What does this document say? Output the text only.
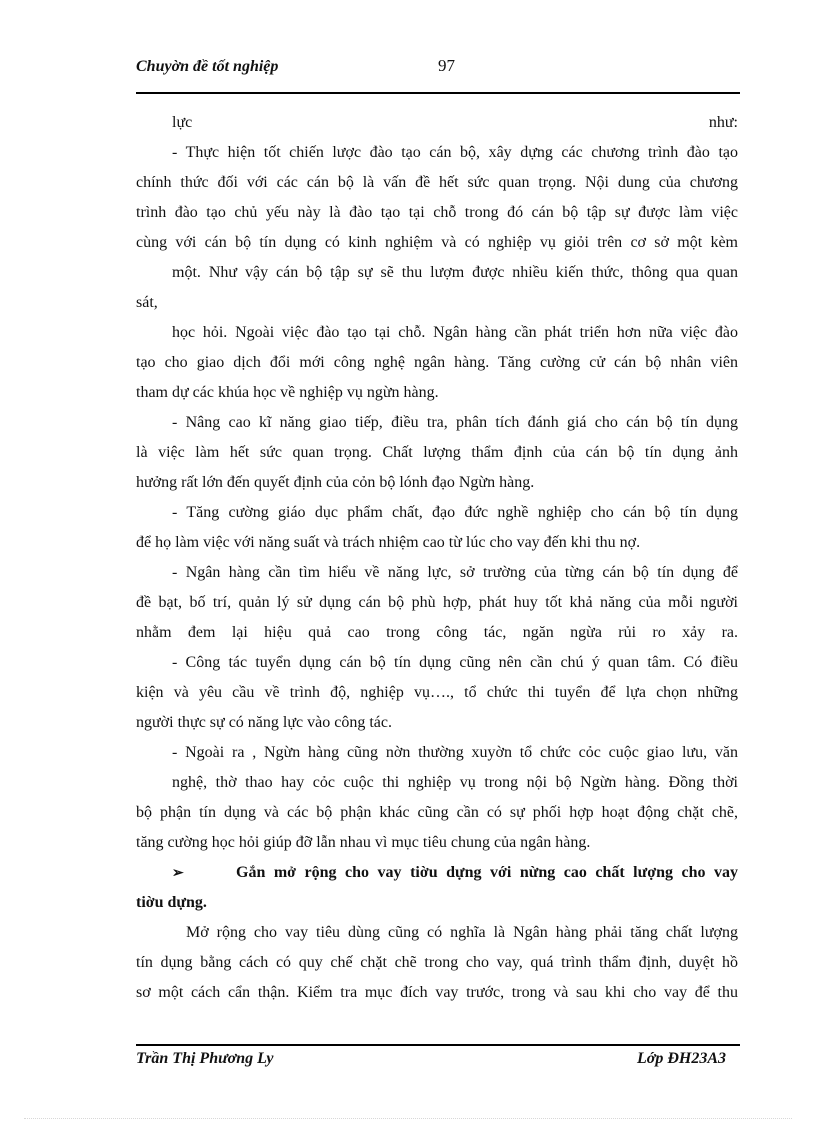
Chuyờn đề tốt nghiệp	97
lực	như:
- Thực hiện tốt chiến lược đào tạo cán bộ, xây dựng các chương trình đào tạo
chính thức đối với các cán bộ là vấn đề hết sức quan trọng. Nội dung của chương
trình đào tạo chủ yếu này là đào tạo tại chỗ trong đó cán bộ tập sự được làm việc
cùng với cán bộ tín dụng có kinh nghiệm và có nghiệp vụ giỏi trên cơ sở một kèm
một. Như vậy cán bộ tập sự sẽ thu lượm được nhiều kiến thức, thông qua quan
sát,
học hỏi. Ngoài việc đào tạo tại chỗ. Ngân hàng cần phát triển hơn nữa việc đào
tạo cho giao dịch đổi mới công nghệ ngân hàng. Tăng cường cử cán bộ nhân viên
tham dự các khúa học về nghiệp vụ ngừn hàng.
- Nâng cao kĩ năng giao tiếp, điều tra, phân tích đánh giá cho cán bộ tín dụng
là việc làm hết sức quan trọng. Chất lượng thẩm định của cán bộ tín dụng ảnh
hưởng rất lớn đến quyết định của cỏn bộ lónh đạo Ngừn hàng.
- Tăng cường giáo dục phẩm chất, đạo đức nghề nghiệp cho cán bộ tín dụng
để họ làm việc với năng suất và trách nhiệm cao từ lúc cho vay đến khi thu nợ.
- Ngân hàng cần tìm hiểu về năng lực, sở trường của từng cán bộ tín dụng để
đề bạt, bố trí, quản lý sử dụng cán bộ phù hợp, phát huy tốt khả năng của mỗi người
nhằm đem lại hiệu quả cao trong công tác, ngăn ngừa rủi ro xảy ra.
- Công tác tuyển dụng cán bộ tín dụng cũng nên cần chú ý quan tâm. Có điều
kiện và yêu cầu về trình độ, nghiệp vụ…., tổ chức thi tuyển để lựa chọn những
người thực sự có năng lực vào công tác.
- Ngoài ra , Ngừn hàng cũng nờn thường xuyờn tổ chức cỏc cuộc giao lưu, văn
nghệ, thờ thao hay cỏc cuộc thi nghiệp vụ trong nội bộ Ngừn hàng. Đồng thời
bộ phận tín dụng và các bộ phận khác cũng cần có sự phối hợp hoạt động chặt chẽ,
tăng cường học hỏi giúp đỡ lẫn nhau vì mục tiêu chung của ngân hàng.
➢	Gắn mở rộng cho vay tiờu dựng với nừng cao chất lượng cho vay
tiờu dựng.
Mở rộng cho vay tiêu dùng cũng có nghĩa là Ngân hàng phải tăng chất lượng
tín dụng bằng cách có quy chế chặt chẽ trong cho vay, quá trình thẩm định, duyệt hồ
sơ một cách cẩn thận. Kiểm tra mục đích vay trước, trong và sau khi cho vay để thu
Trần Thị Phương Ly	Lớp ĐH23A3
